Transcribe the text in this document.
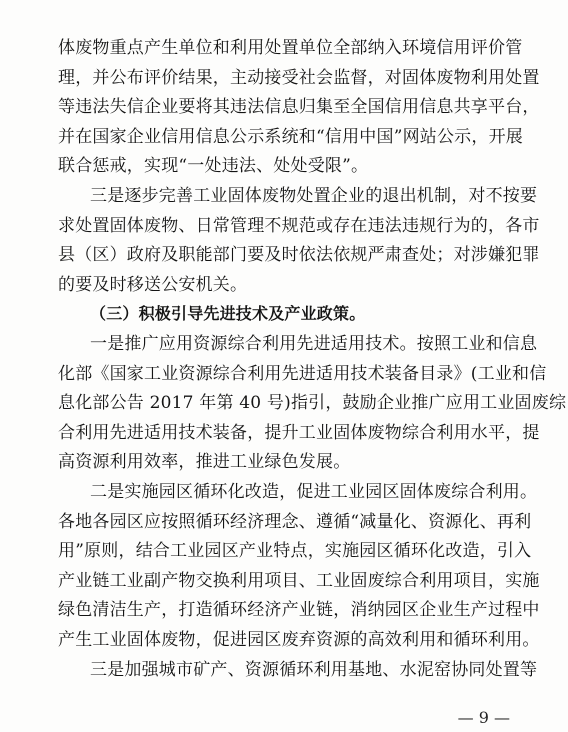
体废物重点产生单位和利用处置单位全部纳入环境信用评价管
理，并公布评价结果，主动接受社会监督，对固体废物利用处置
等违法失信企业要将其违法信息归集至全国信用信息共享平台，
并在国家企业信用信息公示系统和“信用中国”网站公示，开展
联合惩戒，实现“一处违法、处处受限”。
三是逐步完善工业固体废物处置企业的退出机制，对不按要
求处置固体废物、日常管理不规范或存在违法违规行为的，各市
县（区）政府及职能部门要及时依法依规严肃查处；对涉嫌犯罪
的要及时移送公安机关。
（三）积极引导先进技术及产业政策。
一是推广应用资源综合利用先进适用技术。按照工业和信息
化部《国家工业资源综合利用先进适用技术装备目录》(工业和信
息化部公告 2017 年第 40 号)指引，鼓励企业推广应用工业固废综
合利用先进适用技术装备，提升工业固体废物综合利用水平，提
高资源利用效率，推进工业绿色发展。
二是实施园区循环化改造，促进工业园区固体废综合利用。
各地各园区应按照循环经济理念、遵循“减量化、资源化、再利
用”原则，结合工业园区产业特点，实施园区循环化改造，引入
产业链工业副产物交换利用项目、工业固废综合利用项目，实施
绿色清洁生产，打造循环经济产业链，消纳园区企业生产过程中
产生工业固体废物，促进园区废弃资源的高效利用和循环利用。
三是加强城市矿产、资源循环利用基地、水泥窑协同处置等
— 9 —
